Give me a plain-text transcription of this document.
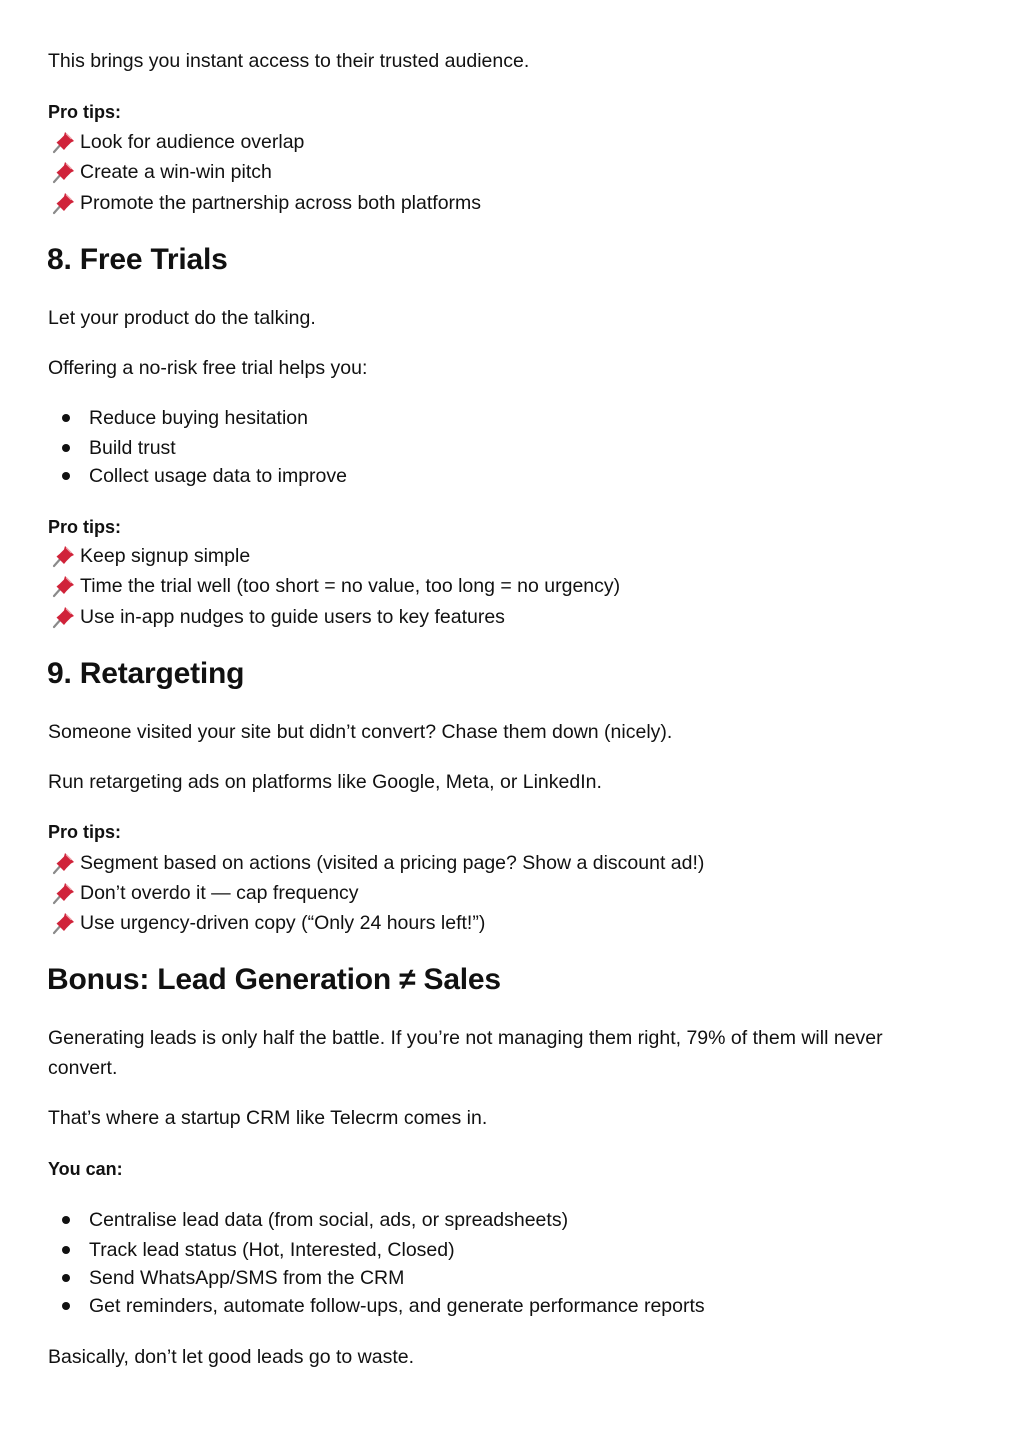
This brings you instant access to their trusted audience.
Pro tips:
Look for audience overlap
Create a win-win pitch
Promote the partnership across both platforms
8. Free Trials
Let your product do the talking.
Offering a no-risk free trial helps you:
Reduce buying hesitation
Build trust
Collect usage data to improve
Pro tips:
Keep signup simple
Time the trial well (too short = no value, too long = no urgency)
Use in-app nudges to guide users to key features
9. Retargeting
Someone visited your site but didn’t convert? Chase them down (nicely).
Run retargeting ads on platforms like Google, Meta, or LinkedIn.
Pro tips:
Segment based on actions (visited a pricing page? Show a discount ad!)
Don’t overdo it — cap frequency
Use urgency-driven copy (“Only 24 hours left!”)
Bonus: Lead Generation ≠ Sales
Generating leads is only half the battle. If you’re not managing them right, 79% of them will never convert.
That’s where a startup CRM like Telecrm comes in.
You can:
Centralise lead data (from social, ads, or spreadsheets)
Track lead status (Hot, Interested, Closed)
Send WhatsApp/SMS from the CRM
Get reminders, automate follow-ups, and generate performance reports
Basically, don’t let good leads go to waste.
